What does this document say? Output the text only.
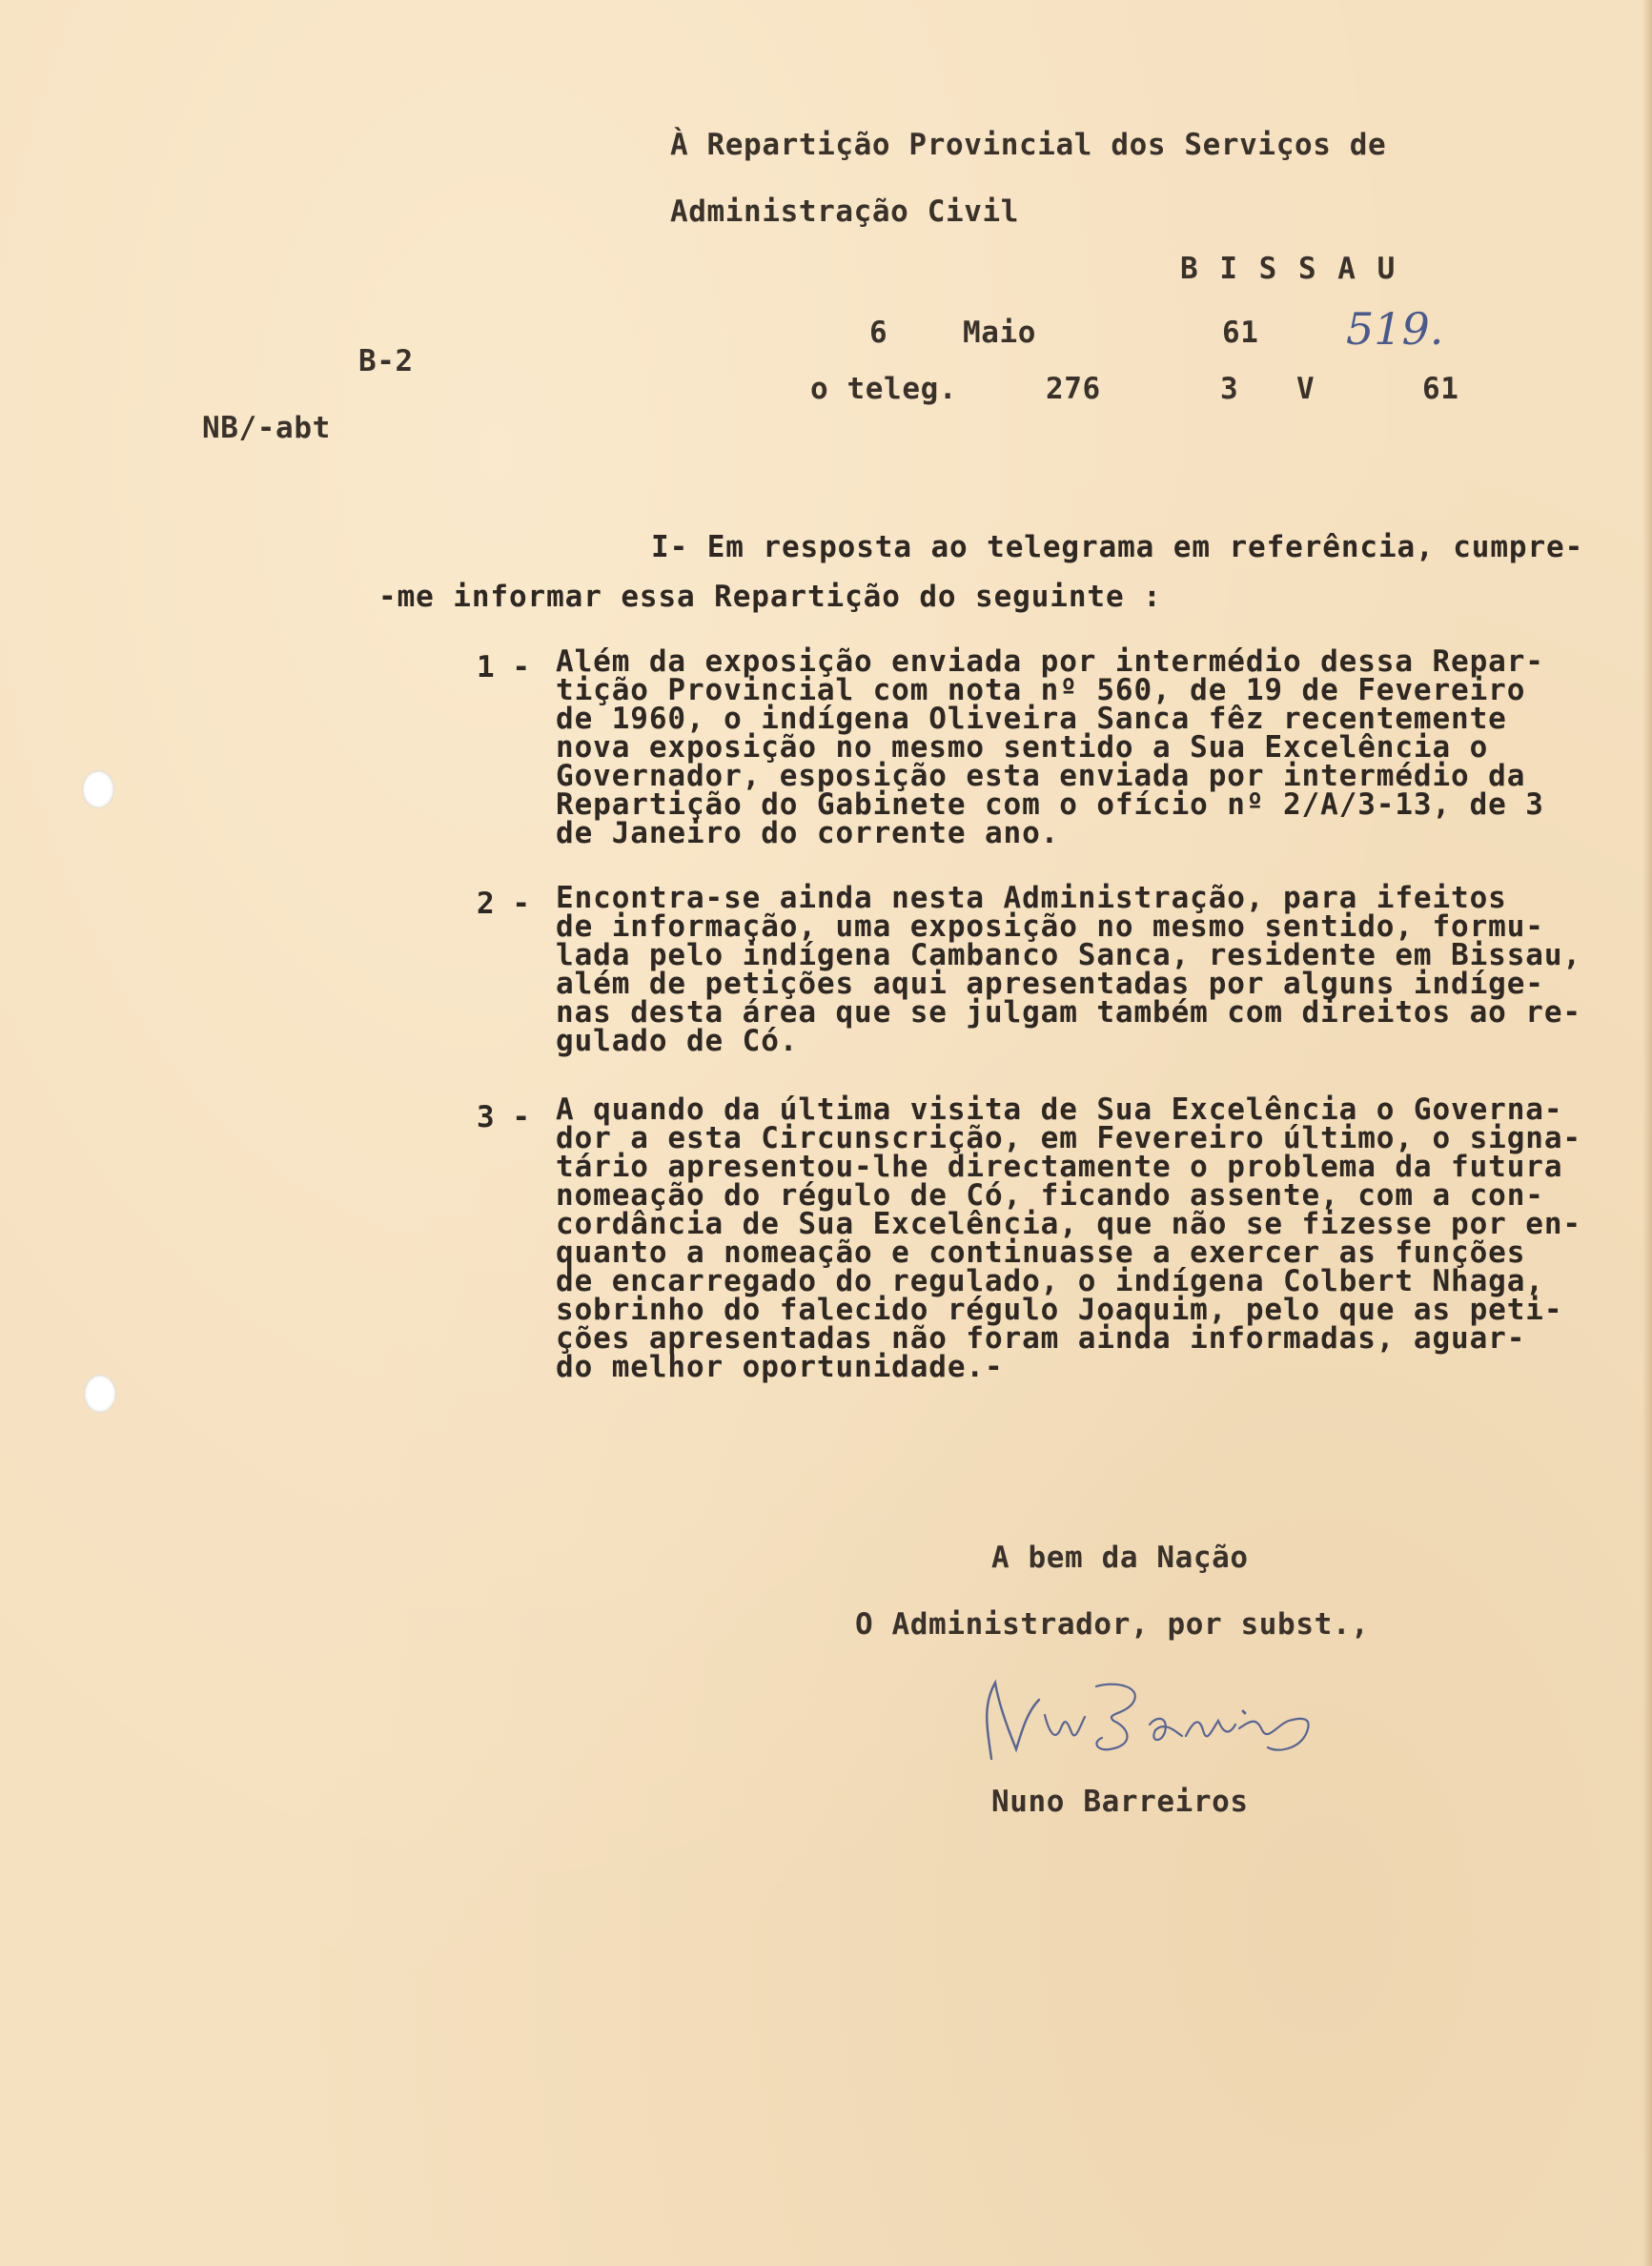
À Repartição Provincial dos Serviços de
Administração Civil
B I S S A U
6	Maio	61 519.
B-2
o teleg.	276	3 V	61
NB/-abt
I- Em resposta ao telegrama em referência, cumpre-
-me informar essa Repartição do seguinte :
1 - Além da exposição enviada por intermédio dessa Repar-
tição Provincial com nota nº 560, de 19 de Fevereiro
de 1960, o indígena Oliveira Sanca fêz recentemente
nova exposição no mesmo sentido a Sua Excelência o
Governador, esposição esta enviada por intermédio da
Repartição do Gabinete com o ofício nº 2/A/3-13, de 3
de Janeiro do corrente ano.
2 - Encontra-se ainda nesta Administração, para ifeitos
de informação, uma exposição no mesmo sentido, formu-
lada pelo indígena Cambanco Sanca, residente em Bissau,
além de petições aqui apresentadas por alguns indíge-
nas desta área que se julgam também com direitos ao re-
gulado de Có.
3 - A quando da última visita de Sua Excelência o Governa-
dor a esta Circunscrição, em Fevereiro último, o signa-
tário apresentou-lhe directamente o problema da futura
nomeação do régulo de Có, ficando assente, com a con-
cordância de Sua Excelência, que não se fizesse por en-
quanto a nomeação e continuasse a exercer as funções
de encarregado do regulado, o indígena Colbert Nhaga,
sobrinho do falecido régulo Joaquim, pelo que as peti-
ções apresentadas não foram ainda informadas, aguar-
do melhor oportunidade.-
A bem da Nação
O Administrador, por subst.,
Nuno Barreiros
